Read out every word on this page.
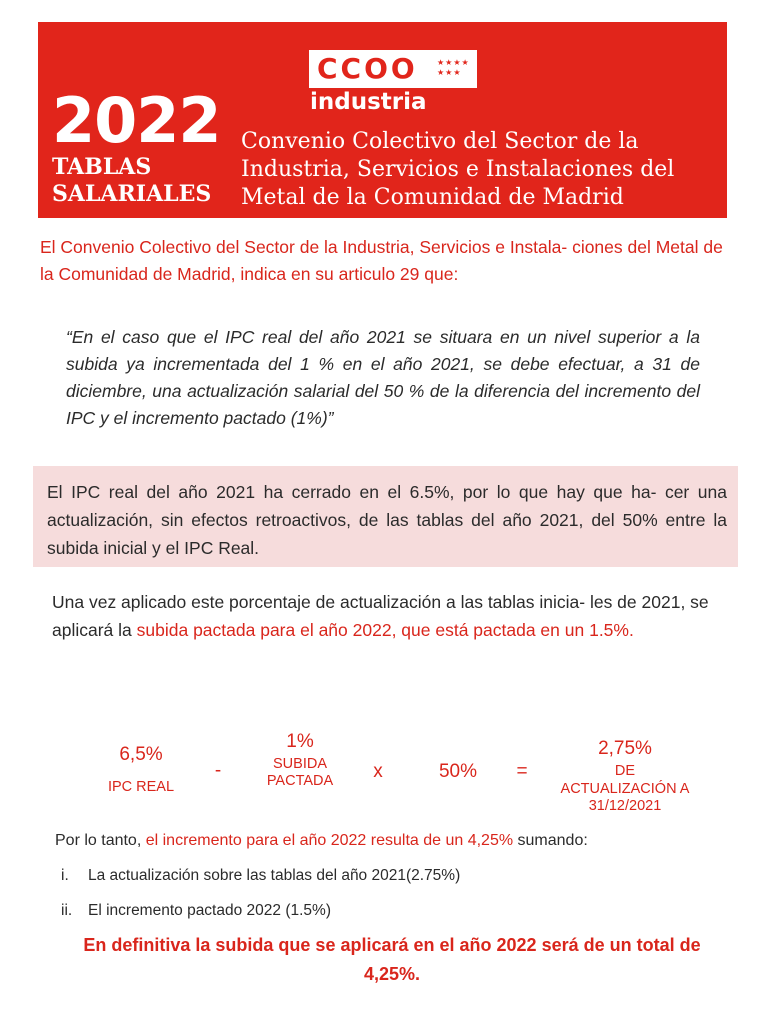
CCOO ★★★★ ★★★
industria
2022
TABLAS
SALARIALES
Convenio Colectivo del Sector de la Industria, Servicios e Instalaciones del Metal de la Comunidad de Madrid
El Convenio Colectivo del Sector de la Industria, Servicios e Instala- ciones del Metal de la Comunidad de Madrid, indica en su articulo 29 que:
“En el caso que el IPC real del año 2021 se situara en un nivel superior a la subida ya incrementada del 1 % en el año 2021, se debe efectuar, a 31 de diciembre, una actualización salarial del 50 % de la diferencia del incremento del IPC y el incremento pactado (1%)”

El IPC real del año 2021 ha cerrado en el 6.5%, por lo que hay que ha- cer una actualización, sin efectos retroactivos, de las tablas del año 2021, del 50% entre la subida inicial y el IPC Real.

Una vez aplicado este porcentaje de actualización a las tablas inicia- les de 2021, se aplicará la subida pactada para el año 2022, que está pactada en un 1.5%.
6,5%
IPC REAL
-
1%
SUBIDA
PACTADA	x	50%	=
2,75%
DE
ACTUALIZACIÓN A
31/12/2021
Por lo tanto, el incremento para el año 2022 resulta de un 4,25% sumando:
i. La actualización sobre las tablas del año 2021(2.75%)
ii. El incremento pactado 2022 (1.5%)
En definitiva la subida que se aplicará en el año 2022 será de un total de 4,25%.
